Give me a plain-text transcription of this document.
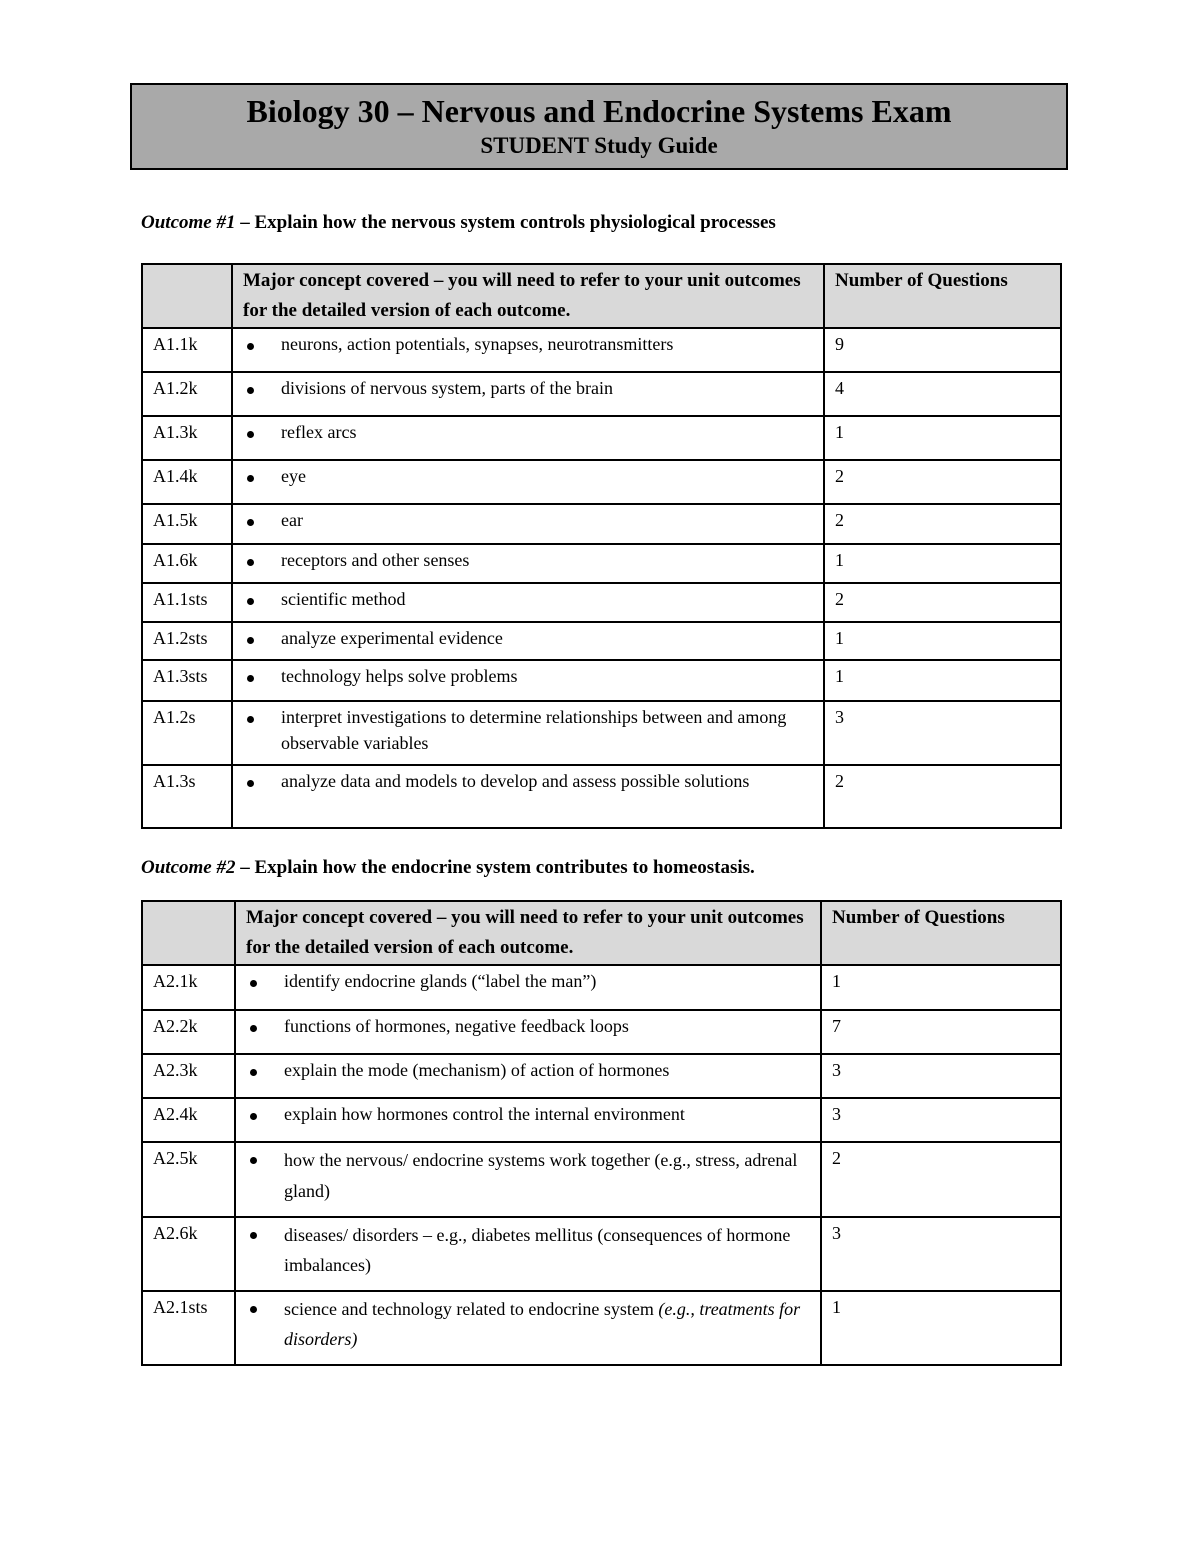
Biology 30 – Nervous and Endocrine Systems Exam
STUDENT Study Guide
Outcome #1 – Explain how the nervous system controls physiological processes
	Major concept covered – you will need to refer to your unit outcomes for the detailed version of each outcome.	Number of Questions
A1.1k	neurons, action potentials, synapses, neurotransmitters	9
A1.2k	divisions of nervous system, parts of the brain	4
A1.3k	reflex arcs	1
A1.4k	eye	2
A1.5k	ear	2
A1.6k	receptors and other senses	1
A1.1sts	scientific method	2
A1.2sts	analyze experimental evidence	1
A1.3sts	technology helps solve problems	1
A1.2s	interpret investigations to determine relationships between and among observable variables	3
A1.3s	analyze data and models to develop and assess possible solutions	2
Outcome #2 – Explain how the endocrine system contributes to homeostasis.
	Major concept covered – you will need to refer to your unit outcomes for the detailed version of each outcome.	Number of Questions
A2.1k	identify endocrine glands (“label the man”)	1
A2.2k	functions of hormones, negative feedback loops	7
A2.3k	explain the mode (mechanism) of action of hormones	3
A2.4k	explain how hormones control the internal environment	3
A2.5k	how the nervous/ endocrine systems work together (e.g., stress, adrenal gland)	2
A2.6k	diseases/ disorders – e.g., diabetes mellitus (consequences of hormone imbalances)	3
A2.1sts	science and technology related to endocrine system (e.g., treatments for disorders)	1
